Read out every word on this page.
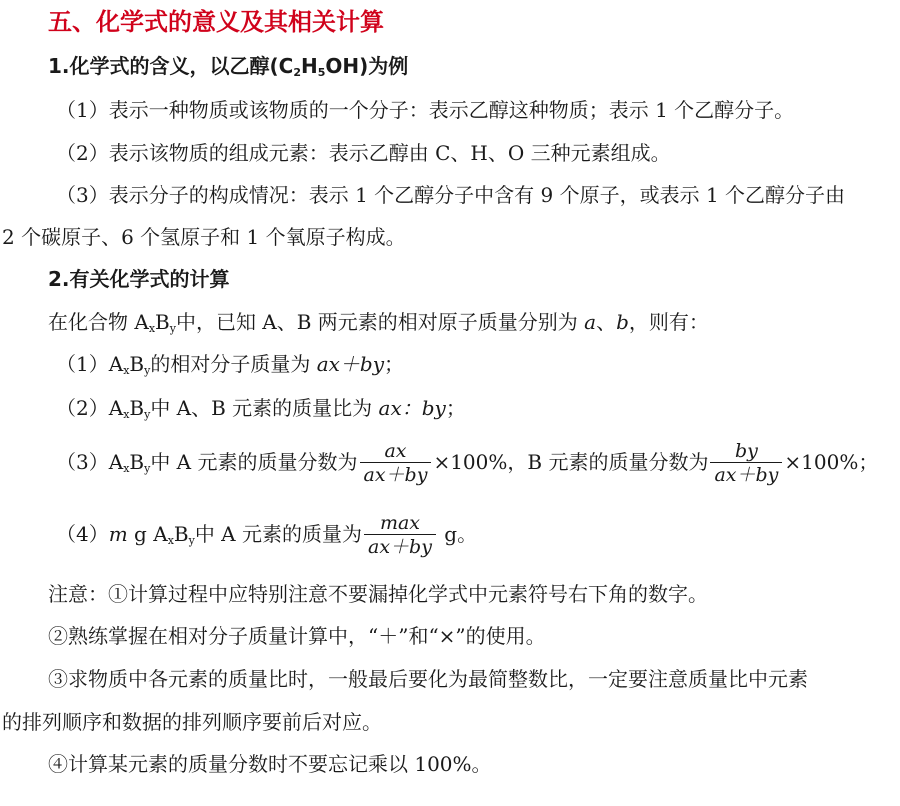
五、化学式的意义及其相关计算
1.化学式的含义，以乙醇$(C_2H_5OH)$为例
（1）表示一种物质或该物质的一个分子：表示乙醇这种物质；表示 1 个乙醇分子。
（2）表示该物质的组成元素：表示乙醇由 C、H、O 三种元素组成。
（3）表示分子的构成情况：表示 1 个乙醇分子中含有 9 个原子，或表示 1 个乙醇分子由
2 个碳原子、6 个氢原子和 1 个氧原子构成。
2.有关化学式的计算
在化合物 $A_xB_y$中，已知 A、B 两元素的相对原子质量分别为 a、b，则有：
$(1)A_xB_y$的相对分子质量为 ax＋by；
$(2)A_xB_y$中 A、B 元素的质量比为 ax：by；
$(3)A_xB_y$中 A 元素的质量分数为 $\frac{ax}{ax+by} \times 100\%$，B 元素的质量分数为 $\frac{by}{ax+by} \times 100\%$；
（4）m g $A_xB_y$中 A 元素的质量为 $\frac{\max}{ax+by}$ g。
注意：①计算过程中应特别注意不要漏掉化学式中元素符号右下角的数字。
②熟练掌握在相对分子质量计算中，“＋”和“×”的使用。
③求物质中各元素的质量比时，一般最后要化为最简整数比，一定要注意质量比中元素
的排列顺序和数据的排列顺序要前后对应。
④计算某元素的质量分数时不要忘记乘以 100%。
